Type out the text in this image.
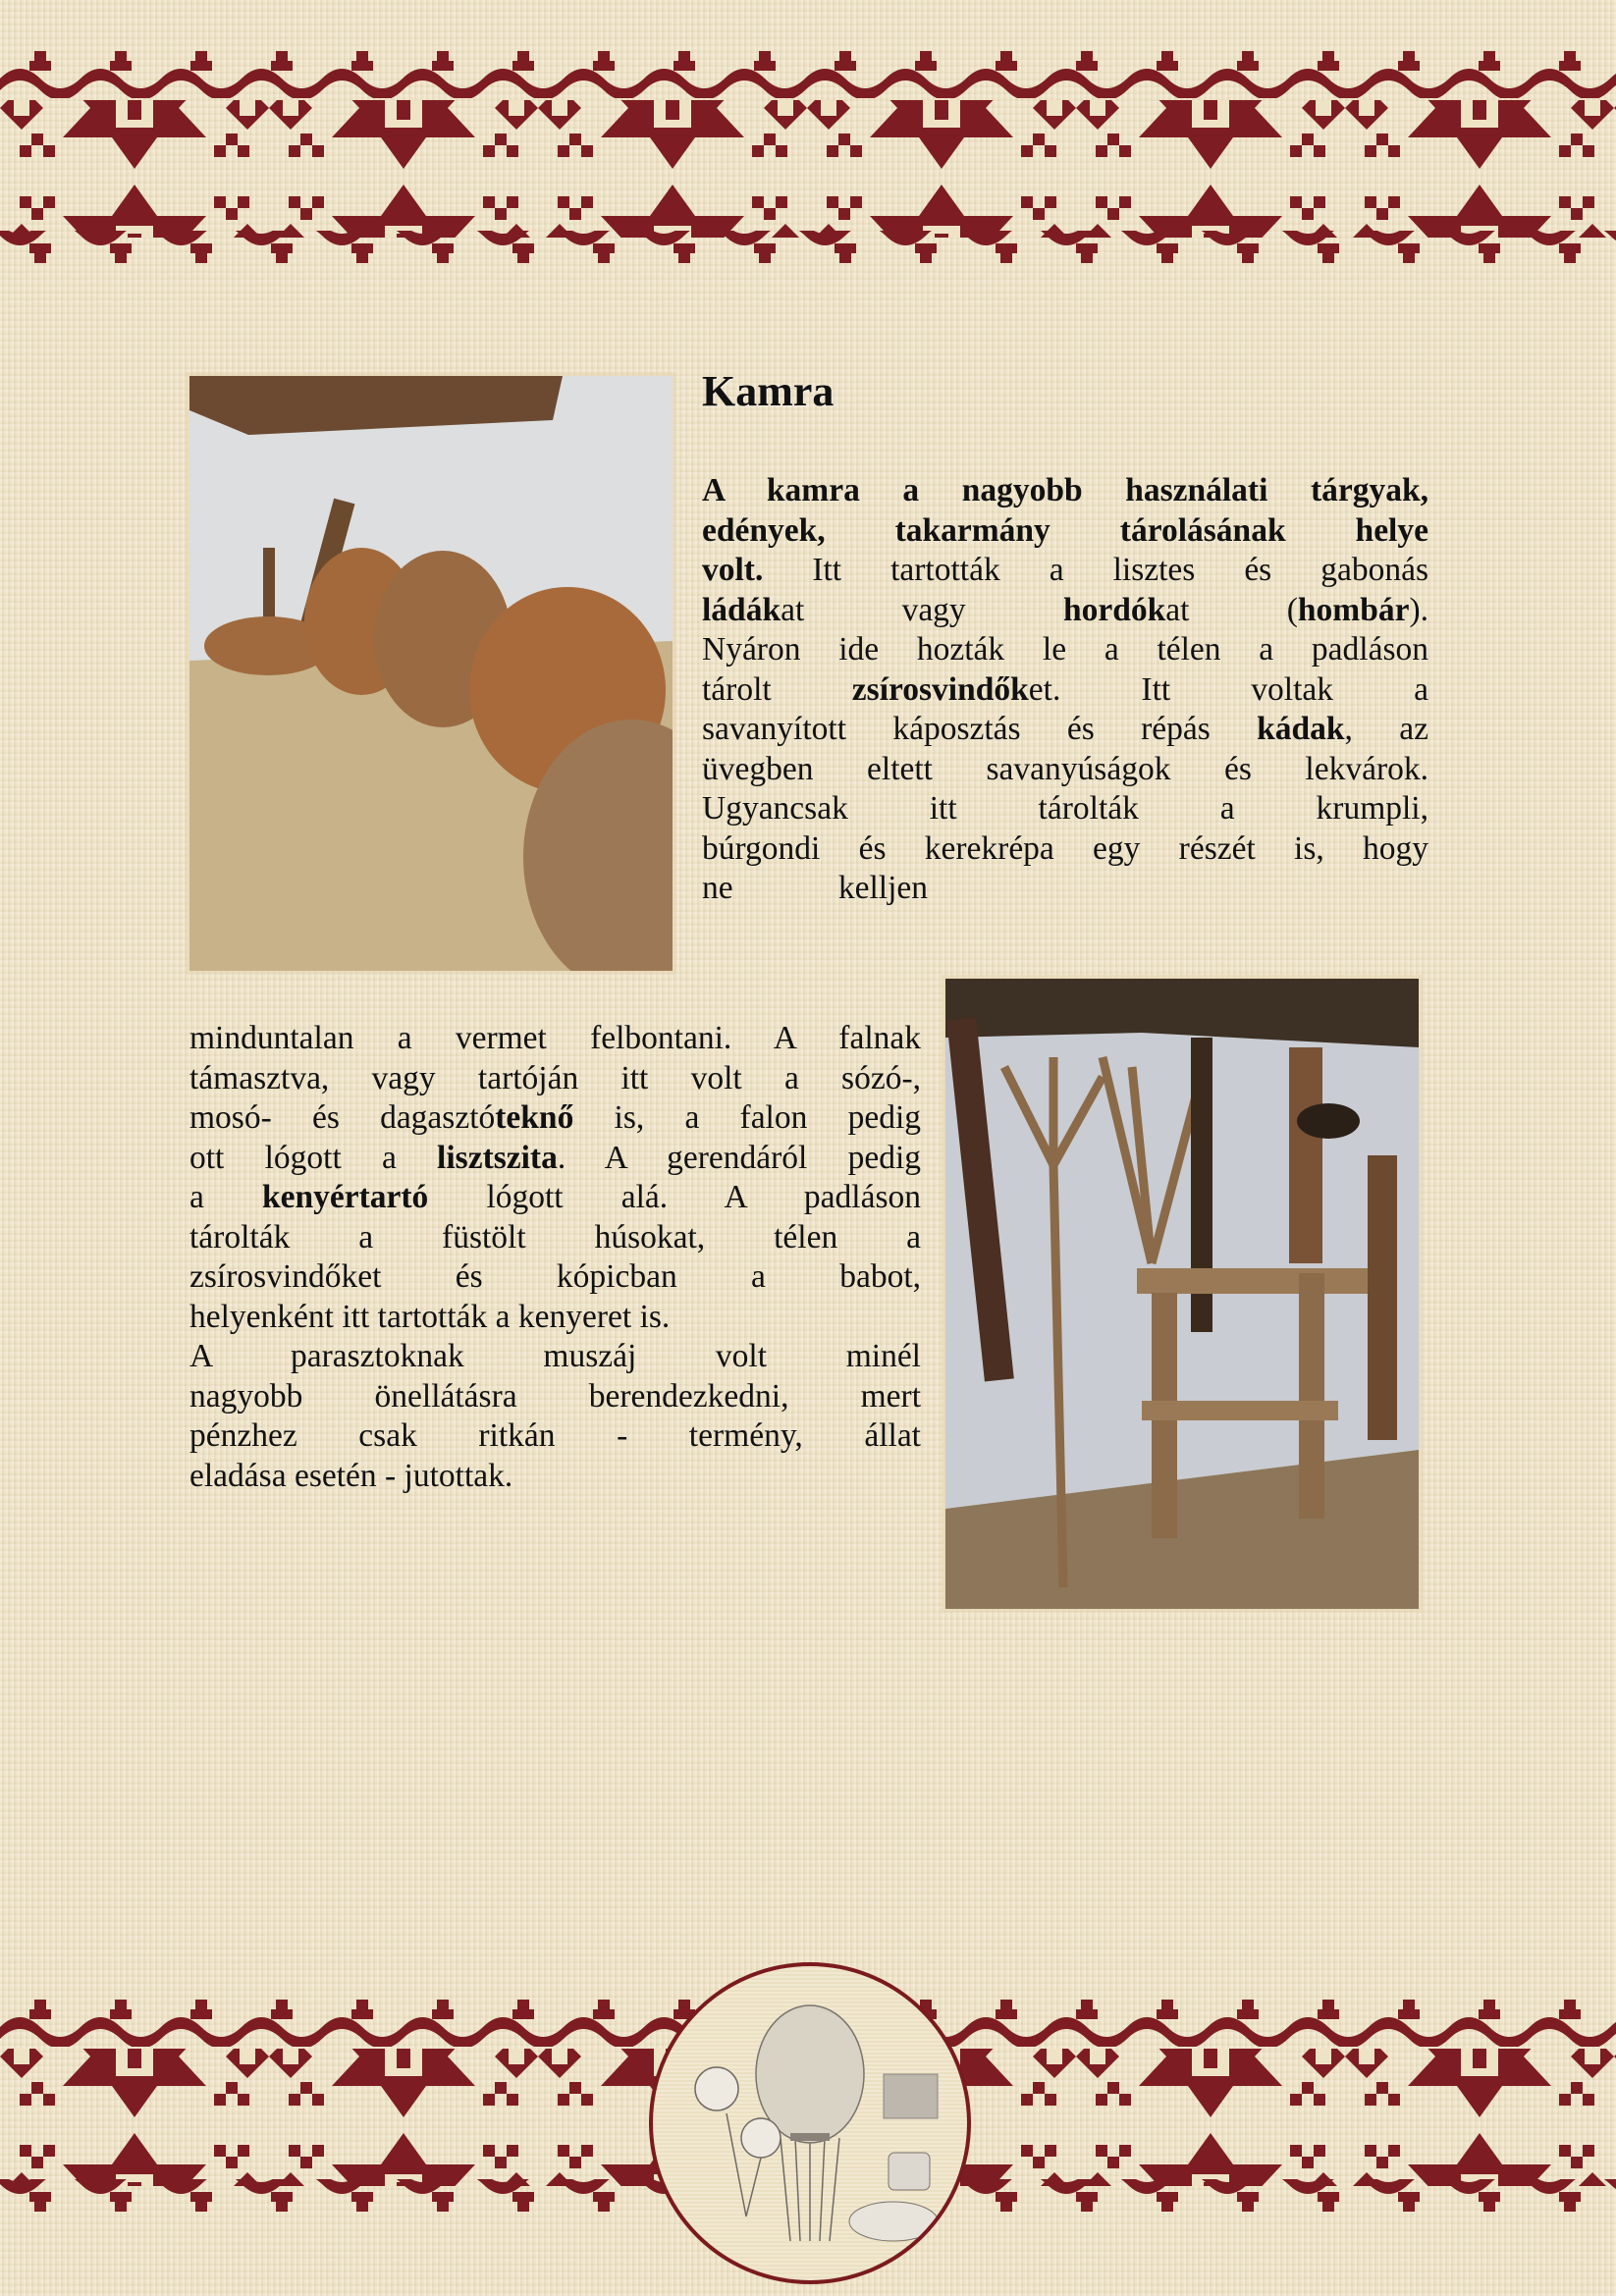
Kamra
A kamra a nagyobb használati tárgyak,
edények, takarmány tárolásának helye
volt. Itt tartották a lisztes és gabonás
ládákat vagy hordókat (hombár).
Nyáron ide hozták le a télen a padláson
tárolt zsírosvindőket. Itt voltak a
savanyított káposztás és répás kádak, az
üvegben eltett savanyúságok és lekvárok.
Ugyancsak itt tárolták a krumpli,
búrgondi és kerekrépa egy részét is, hogy
ne kelljen
minduntalan a vermet felbontani. A falnak
támasztva, vagy tartóján itt volt a sózó-,
mosó- és dagasztóteknő is, a falon pedig
ott lógott a lisztszita. A gerendáról pedig
a kenyértartó lógott alá. A padláson
tárolták a füstölt húsokat, télen a
zsírosvindőket és kópicban a babot,
helyenként itt tartották a kenyeret is.
A parasztoknak muszáj volt minél
nagyobb önellátásra berendezkedni, mert
pénzhez csak ritkán - termény, állat
eladása esetén - jutottak.
